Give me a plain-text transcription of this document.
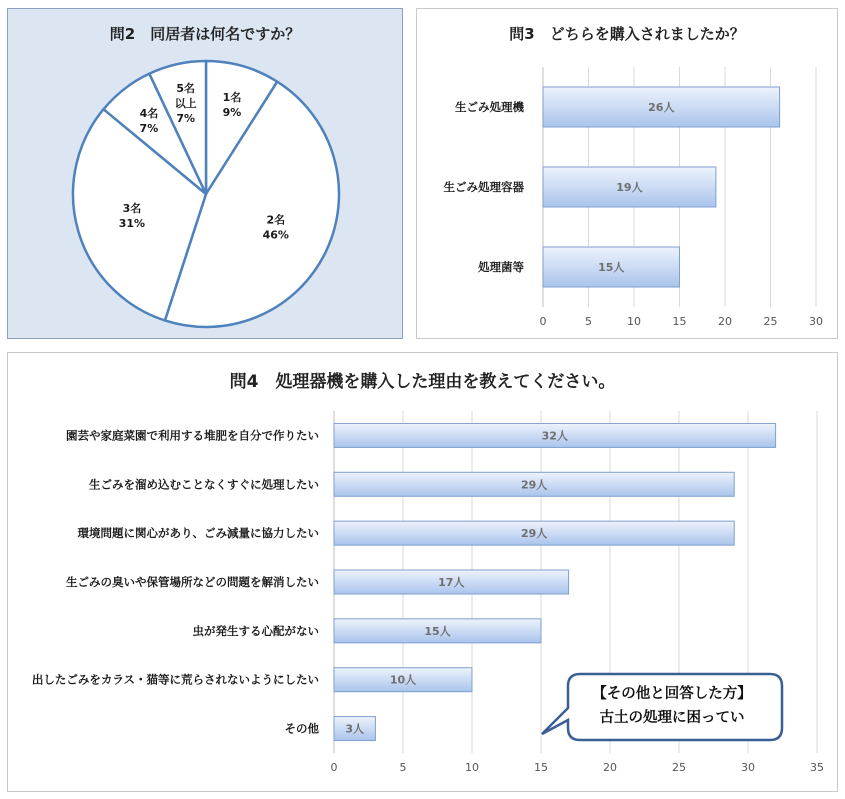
問2　同居者は何名ですか？
1名
9%
2名
46%
3名
31%
4名
7%
5名
以上
7%
問3　どちらを購入されましたか？
0	5	10	15	20	25	30
生ごみ処理機	26人
生ごみ処理容器	19人
処理菌等	15人
問4　処理器機を購入した理由を教えてください。
0	5	10	15	20	25	30	35
園芸や家庭菜園で利用する堆肥を自分で作りたい	32人
生ごみを溜め込むことなくすぐに処理したい	29人
環境問題に関心があり、ごみ減量に協力したい	29人
生ごみの臭いや保管場所などの問題を解消したい	17人
虫が発生する心配がない	15人
出したごみをカラス・猫等に荒らされないようにしたい	10人
その他 3人
【その他と回答した方】
古土の処理に困ってい
